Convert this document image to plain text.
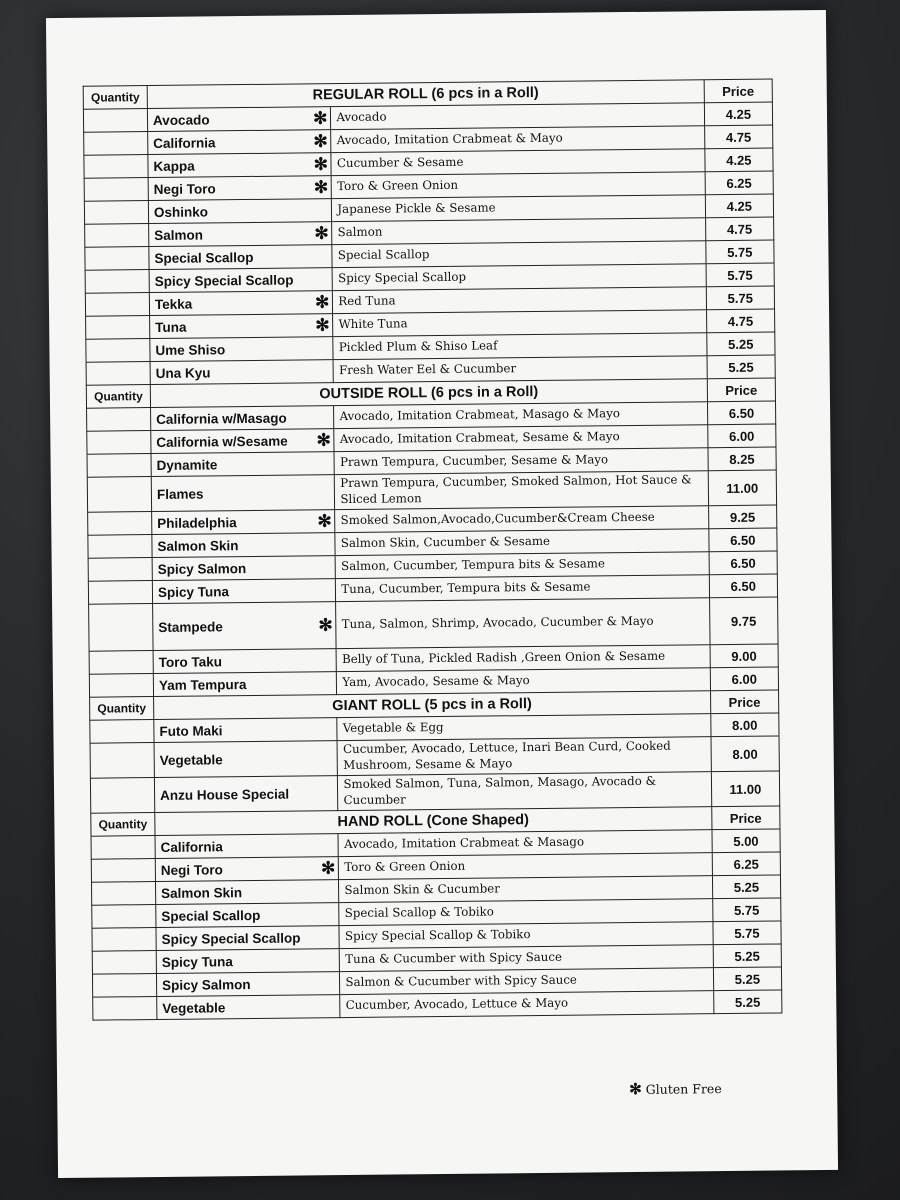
Quantity	REGULAR ROLL (6 pcs in a Roll)		Price
	Avocado ✻	Avocado	4.25
	California ✻	Avocado, Imitation Crabmeat & Mayo	4.75
	Kappa ✻	Cucumber & Sesame	4.25
	Negi Toro ✻	Toro & Green Onion	6.25
	Oshinko	Japanese Pickle & Sesame	4.25
	Salmon ✻	Salmon	4.75
	Special Scallop	Special Scallop	5.75
	Spicy Special Scallop	Spicy Special Scallop	5.75
	Tekka ✻	Red Tuna	5.75
	Tuna ✻	White Tuna	4.75
	Ume Shiso	Pickled Plum & Shiso Leaf	5.25
	Una Kyu	Fresh Water Eel & Cucumber	5.25
Quantity	OUTSIDE ROLL (6 pcs in a Roll)		Price
	California w/Masago	Avocado, Imitation Crabmeat, Masago & Mayo	6.50
	California w/Sesame ✻	Avocado, Imitation Crabmeat, Sesame & Mayo	6.00
	Dynamite	Prawn Tempura, Cucumber, Sesame & Mayo	8.25
	Flames	Prawn Tempura, Cucumber, Smoked Salmon, Hot Sauce & Sliced Lemon	11.00
	Philadelphia ✻	Smoked Salmon,Avocado,Cucumber&Cream Cheese	9.25
	Salmon Skin	Salmon Skin, Cucumber & Sesame	6.50
	Spicy Salmon	Salmon, Cucumber, Tempura bits & Sesame	6.50
	Spicy Tuna	Tuna, Cucumber, Tempura bits & Sesame	6.50
	Stampede ✻	Tuna, Salmon, Shrimp, Avocado, Cucumber & Mayo	9.75
	Toro Taku	Belly of Tuna, Pickled Radish ,Green Onion & Sesame	9.00
	Yam Tempura	Yam, Avocado, Sesame & Mayo	6.00
Quantity	GIANT ROLL (5 pcs in a Roll)		Price
	Futo Maki	Vegetable & Egg	8.00
	Vegetable	Cucumber, Avocado, Lettuce, Inari Bean Curd, Cooked Mushroom, Sesame & Mayo	8.00
	Anzu House Special	Smoked Salmon, Tuna, Salmon, Masago, Avocado & Cucumber	11.00
Quantity	HAND ROLL (Cone Shaped)		Price
	California	Avocado, Imitation Crabmeat & Masago	5.00
	Negi Toro ✻	Toro & Green Onion	6.25
	Salmon Skin	Salmon Skin & Cucumber	5.25
	Special Scallop	Special Scallop & Tobiko	5.75
	Spicy Special Scallop	Spicy Special Scallop & Tobiko	5.75
	Spicy Tuna	Tuna & Cucumber with Spicy Sauce	5.25
	Spicy Salmon	Salmon & Cucumber with Spicy Sauce	5.25
	Vegetable	Cucumber, Avocado, Lettuce & Mayo	5.25
✻ Gluten Free
